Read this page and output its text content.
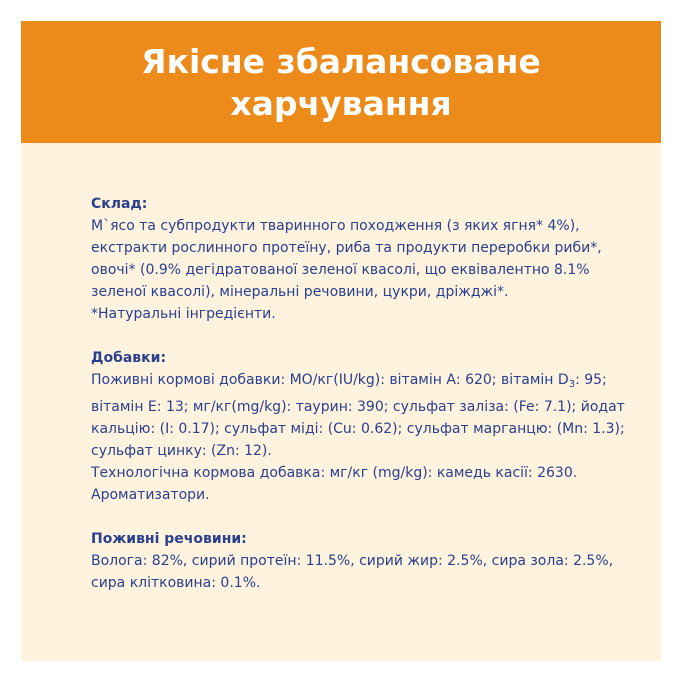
Якісне збалансоване
харчування

Склад:

М`ясо та субпродукти тваринного походження (з яких ягня* 4%), екстракти рослинного протеїну, риба та продукти переробки риби*, овочі* (0.9% дегідратованої зеленої квасолі, що еквівалентно 8.1% зеленої квасолі), мінеральні речовини, цукри, дріжджі*.

*Натуральні інгредієнти.

Добавки:

Поживні кормові добавки: МО/кг(IU/kg): вітамін А: 620; вітамін $D_3$: 95; вітамін Е: 13; мг/кг(mg/kg): таурин: 390; сульфат заліза: (Fe: 7.1); йодат кальцію: (I: 0.17); сульфат міді: (Cu: 0.62); сульфат марганцю: (Mn: 1.3); сульфат цинку: (Zn: 12).

Технологічна кормова добавка: мг/кг (mg/kg): камедь касії: 2630. Ароматизатори.

Поживні речовини:

Волога: 82%, сирий протеїн: 11.5%, сирий жир: 2.5%, сира зола: 2.5%, сира клітковина: 0.1%.
